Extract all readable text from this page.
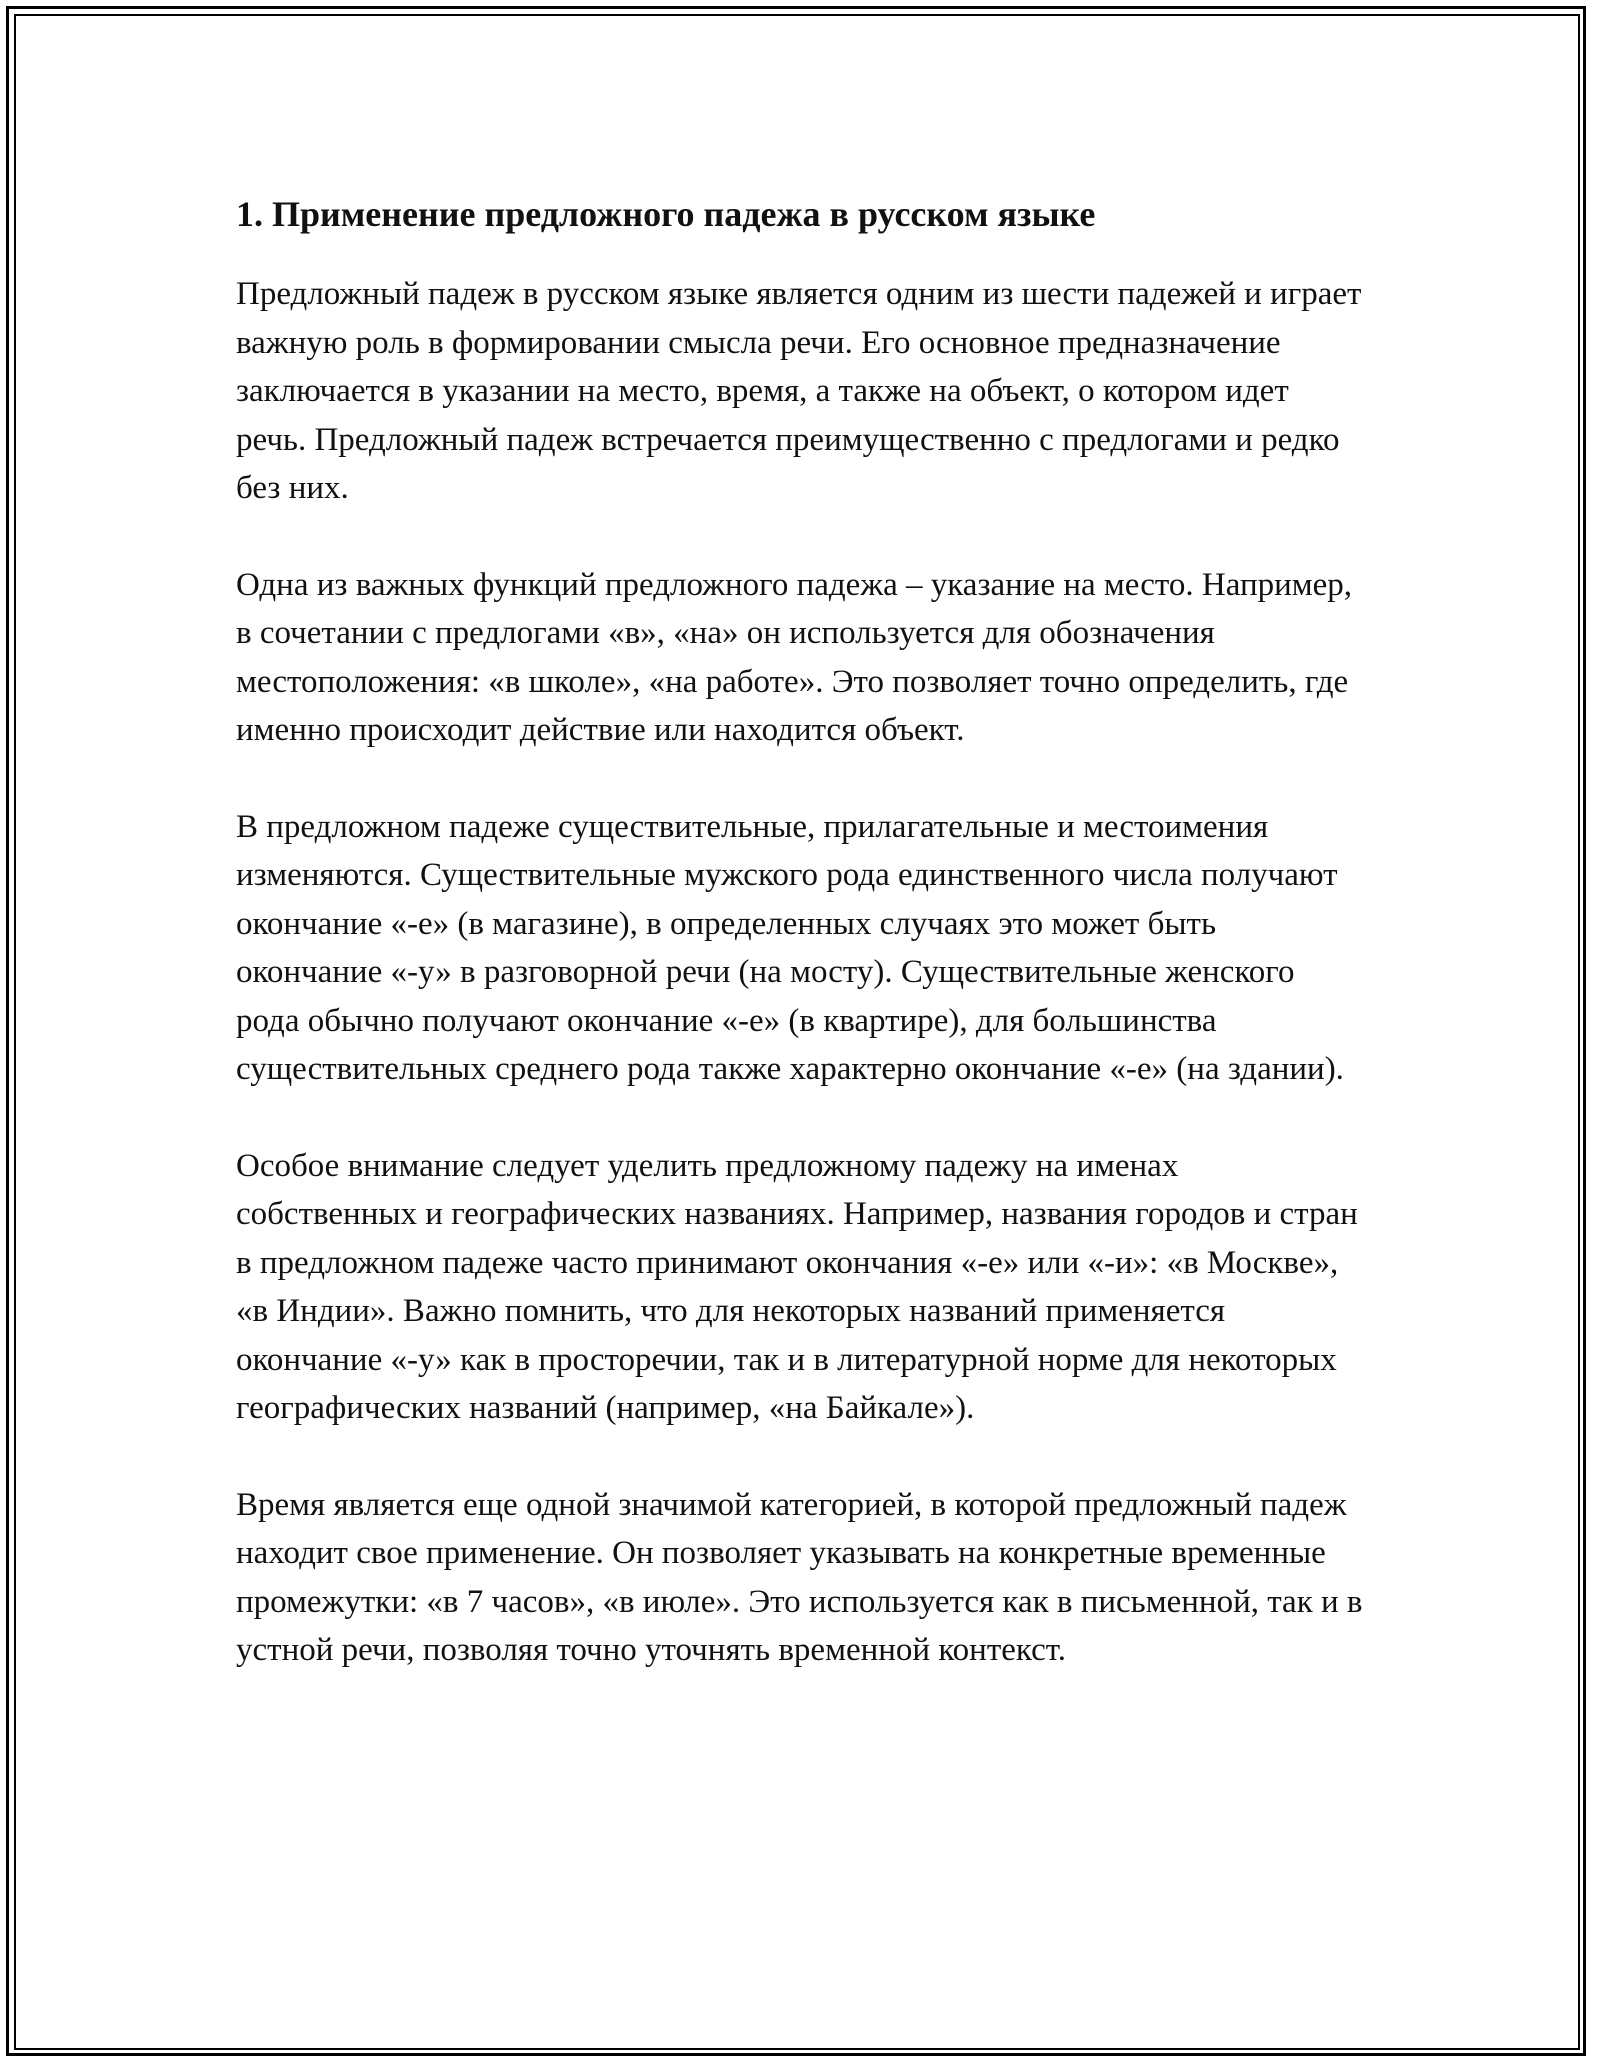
1. Применение предложного падежа в русском языке

Предложный падеж в русском языке является одним из шести падежей и играет важную роль в формировании смысла речи. Его основное предназначение заключается в указании на место, время, а также на объект, о котором идет речь. Предложный падеж встречается преимущественно с предлогами и редко без них.

Одна из важных функций предложного падежа – указание на место. Например, в сочетании с предлогами «в», «на» он используется для обозначения местоположения: «в школе», «на работе». Это позволяет точно определить, где именно происходит действие или находится объект.

В предложном падеже существительные, прилагательные и местоимения изменяются. Существительные мужского рода единственного числа получают окончание «-е» (в магазине), в определенных случаях это может быть окончание «-у» в разговорной речи (на мосту). Существительные женского рода обычно получают окончание «-е» (в квартире), для большинства существительных среднего рода также характерно окончание «-е» (на здании).

Особое внимание следует уделить предложному падежу на именах собственных и географических названиях. Например, названия городов и стран в предложном падеже часто принимают окончания «-е» или «-и»: «в Москве», «в Индии». Важно помнить, что для некоторых названий применяется окончание «-у» как в просторечии, так и в литературной норме для некоторых географических названий (например, «на Байкале»).

Время является еще одной значимой категорией, в которой предложный падеж находит свое применение. Он позволяет указывать на конкретные временные промежутки: «в 7 часов», «в июле». Это используется как в письменной, так и в устной речи, позволяя точно уточнять временной контекст.
